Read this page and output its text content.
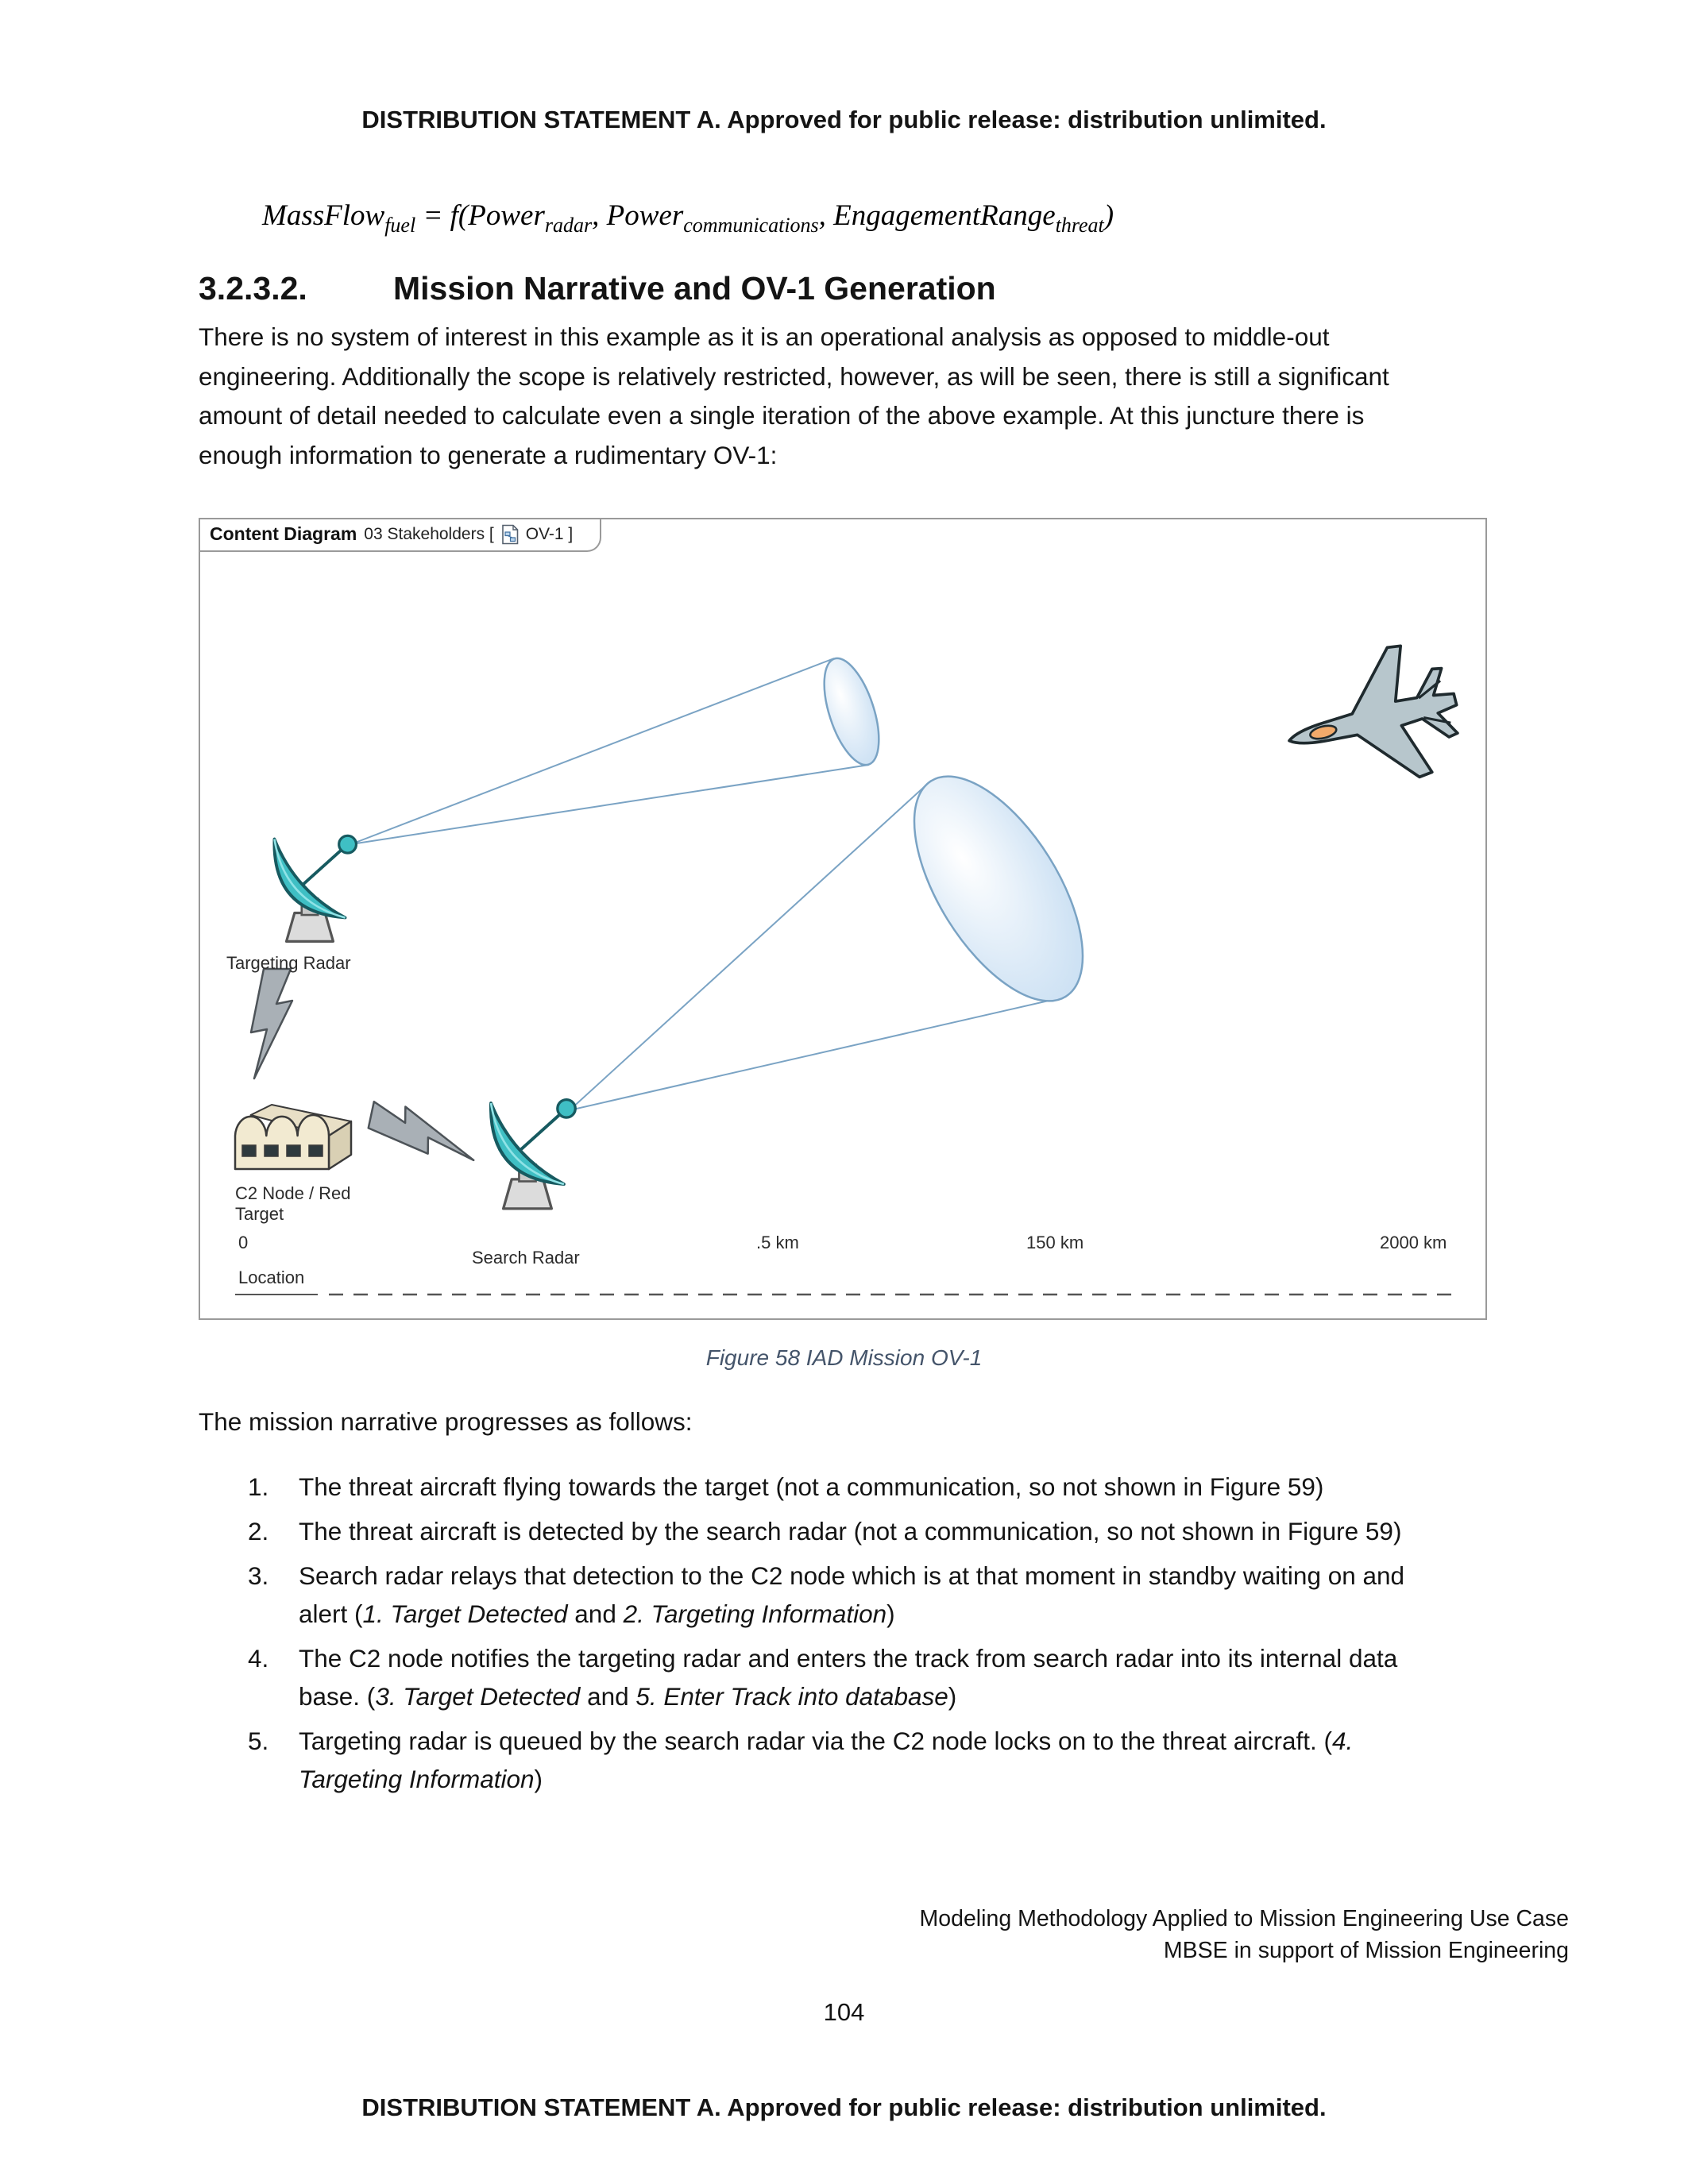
DISTRIBUTION STATEMENT A. Approved for public release: distribution unlimited.
MassFlow$_{fuel}$ = f(Power$_{radar}$, Power$_{communications}$, EngagementRange$_{threat}$)
3.2.3.2.	Mission Narrative and OV-1 Generation
There is no system of interest in this example as it is an operational analysis as opposed to middle-out engineering. Additionally the scope is relatively restricted, however, as will be seen, there is still a significant amount of detail needed to calculate even a single iteration of the above example. At this juncture there is enough information to generate a rudimentary OV-1:
Content Diagram 03 Stakeholders [ OV-1 ]
Targeting Radar
C2 Node / Red
Target
Search Radar
0	.5 km	150 km	2000 km
Location
Figure 58 IAD Mission OV-1
The mission narrative progresses as follows:
1.	The threat aircraft flying towards the target (not a communication, so not shown in Figure 59)
2.	The threat aircraft is detected by the search radar (not a communication, so not shown in Figure 59)
3.	Search radar relays that detection to the C2 node which is at that moment in standby waiting on and alert (1. Target Detected and 2. Targeting Information)
4.	The C2 node notifies the targeting radar and enters the track from search radar into its internal data base. (3. Target Detected and 5. Enter Track into database)
5.	Targeting radar is queued by the search radar via the C2 node locks on to the threat aircraft. (4. Targeting Information)
Modeling Methodology Applied to Mission Engineering Use Case
MBSE in support of Mission Engineering
104
DISTRIBUTION STATEMENT A. Approved for public release: distribution unlimited.
